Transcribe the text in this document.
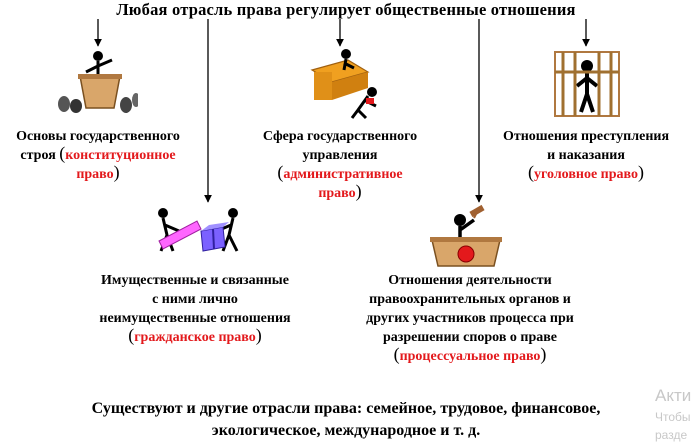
Любая отрасль права регулирует общественные отношения
Основы государственного
строя (конституционное
право)
Сфера государственного
управления
(административное
право)
Отношения преступления
и наказания
(уголовное право)
Имущественные и связанные
с ними лично
неимущественные отношения
(гражданское право)
Отношения деятельности
правоохранительных органов и
других участников процесса при
разрешении споров о праве
(процессуальное право)
Существуют и другие отрасли права: семейное, трудовое, финансовое,
экологическое, международное и т. д.
Акти
Чтобы
разде
